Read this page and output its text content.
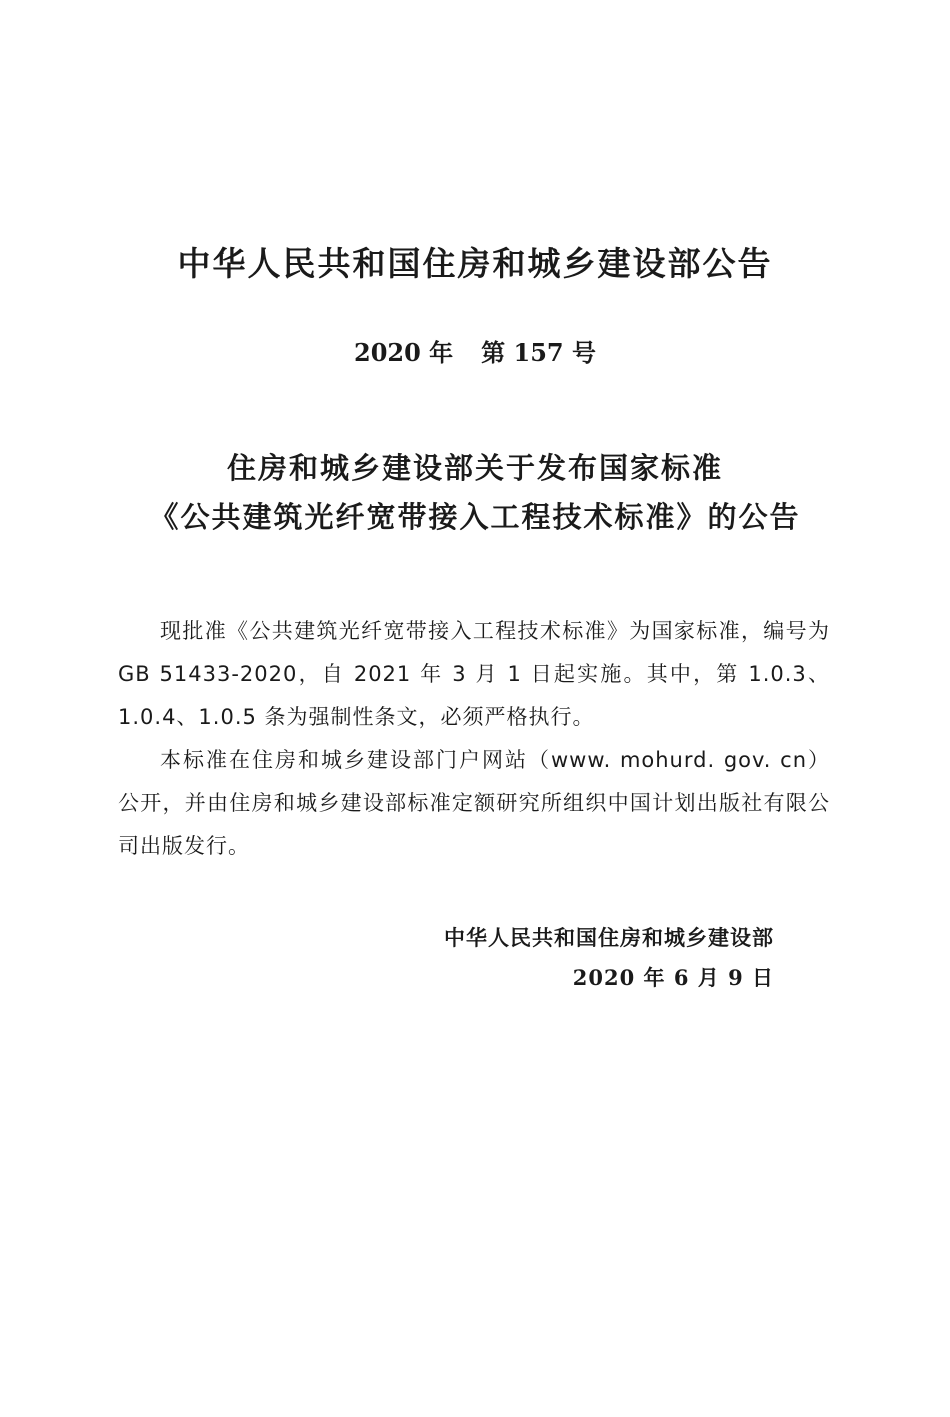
中华人民共和国住房和城乡建设部公告
2020 年 第 157 号
住房和城乡建设部关于发布国家标准
《公共建筑光纤宽带接入工程技术标准》的公告

现批准《公共建筑光纤宽带接入工程技术标准》为国家标准，编号为 GB 51433-2020，自 2021 年 3 月 1 日起实施。其中，第 1.0.3、1.0.4、1.0.5 条为强制性条文，必须严格执行。

本标准在住房和城乡建设部门户网站（www. mohurd. gov. cn）公开，并由住房和城乡建设部标准定额研究所组织中国计划出版社有限公司出版发行。

中华人民共和国住房和城乡建设部
2020 年 6 月 9 日
